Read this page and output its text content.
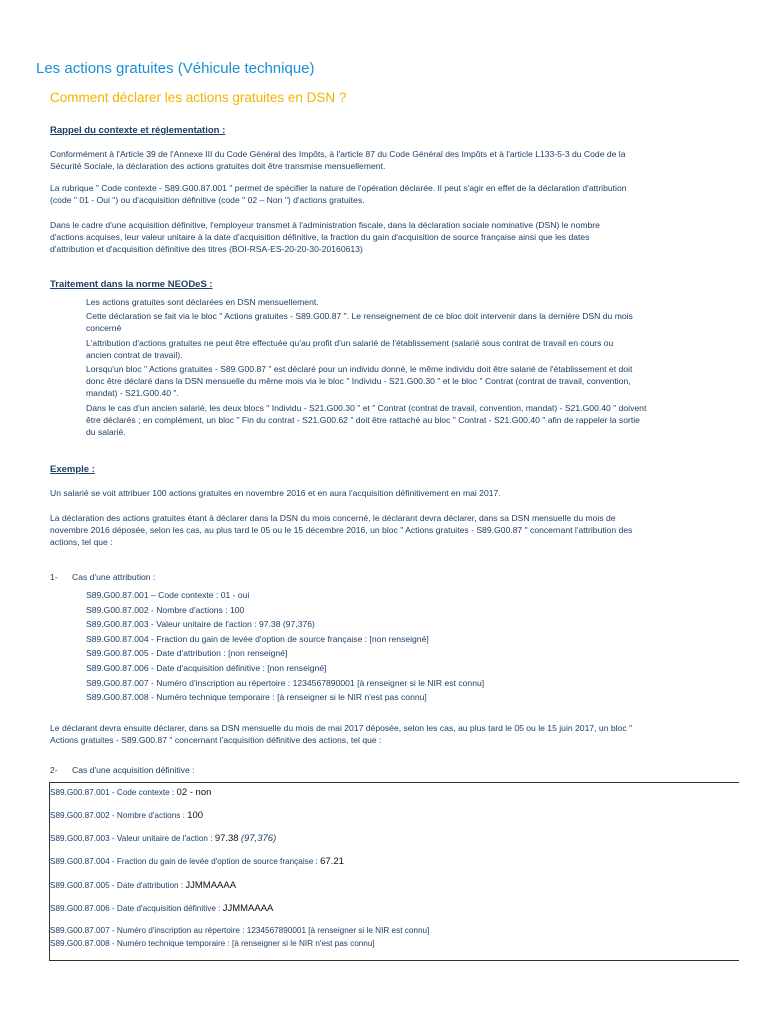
Les actions gratuites (Véhicule technique)
Comment déclarer les actions gratuites en DSN ?
Rappel du contexte et réglementation :
Conformément à l'Article 39 de l'Annexe III du Code Général des Impôts, à l'article 87 du Code Général des Impôts et à l'article L133-5-3 du Code de la
Sécurité Sociale, la déclaration des actions gratuites doit être transmise mensuellement.
La rubrique " Code contexte - S89.G00.87.001 " permet de spécifier la nature de l'opération déclarée. Il peut s'agir en effet de la déclaration d'attribution
(code " 01 - Oui ") ou d'acquisition définitive (code " 02 – Non ") d'actions gratuites.
Dans le cadre d'une acquisition définitive, l'employeur transmet à l'administration fiscale, dans la déclaration sociale nominative (DSN) le nombre
d'actions acquises, leur valeur unitaire à la date d'acquisition définitive, la fraction du gain d'acquisition de source française ainsi que les dates
d'attribution et d'acquisition définitive des titres (BOI-RSA-ES-20-20-30-20160613)
Traitement dans la norme NEODeS :
Les actions gratuites sont déclarées en DSN mensuellement.
Cette déclaration se fait via le bloc " Actions gratuites - S89.G00.87 ". Le renseignement de ce bloc doit intervenir dans la dernière DSN du mois
concerné
L'attribution d'actions gratuites ne peut être effectuée qu'au profit d'un salarié de l'établissement (salarié sous contrat de travail en cours ou
ancien contrat de travail).
Lorsqu'un bloc " Actions gratuites - S89.G00.87 " est déclaré pour un individu donné, le même individu doit être salarié de l'établissement et doit
donc être déclaré dans la DSN mensuelle du même mois via le bloc " Individu - S21.G00.30 " et le bloc " Contrat (contrat de travail, convention,
mandat) - S21.G00.40 ".
Dans le cas d'un ancien salarié, les deux blocs " Individu - S21.G00.30 " et " Contrat (contrat de travail, convention, mandat) - S21.G00.40 " doivent
être déclarés ; en complément, un bloc " Fin du contrat - S21.G00.62 " doit être rattaché au bloc " Contrat - S21.G00.40 " afin de rappeler la sortie
du salarié.
Exemple :
Un salarié se voit attribuer 100 actions gratuites en novembre 2016 et en aura l'acquisition définitivement en mai 2017.
La déclaration des actions gratuites étant à déclarer dans la DSN du mois concerné, le déclarant devra déclarer, dans sa DSN mensuelle du mois de
novembre 2016 déposée, selon les cas, au plus tard le 05 ou le 15 décembre 2016, un bloc " Actions gratuites - S89.G00.87 " concernant l'attribution des
actions, tel que :
1- Cas d'une attribution :
S89.G00.87.001 – Code contexte : 01 - oui
S89.G00.87.002 - Nombre d'actions : 100
S89.G00.87.003 - Valeur unitaire de l'action : 97.38 (97,376)
S89.G00.87.004 - Fraction du gain de levée d'option de source française : [non renseigné]
S89.G00.87.005 - Date d'attribution : [non renseigné]
S89.G00.87.006 - Date d'acquisition définitive : [non renseigné]
S89.G00.87.007 - Numéro d'inscription au répertoire : 1234567890001 [à renseigner si le NIR est connu]
S89.G00.87.008 - Numéro technique temporaire : [à renseigner si le NIR n'est pas connu]
Le déclarant devra ensuite déclarer, dans sa DSN mensuelle du mois de mai 2017 déposée, selon les cas, au plus tard le 05 ou le 15 juin 2017, un bloc "
Actions gratuites - S89.G00.87 " concernant l'acquisition définitive des actions, tel que :
2- Cas d'une acquisition définitive :
S89.G00.87.001 - Code contexte : 02 - non
S89.G00.87.002 - Nombre d'actions : 100
S89.G00.87.003 - Valeur unitaire de l'action : 97.38 (97,376)
S89.G00.87.004 - Fraction du gain de levée d'option de source française : 67.21
S89.G00.87.005 - Date d'attribution : JJMMAAAA
S89.G00.87.006 - Date d'acquisition définitive : JJMMAAAA
S89.G00.87.007 - Numéro d'inscription au répertoire : 1234567890001 [à renseigner si le NIR est connu]
S89.G00.87.008 - Numéro technique temporaire : [à renseigner si le NIR n'est pas connu]
